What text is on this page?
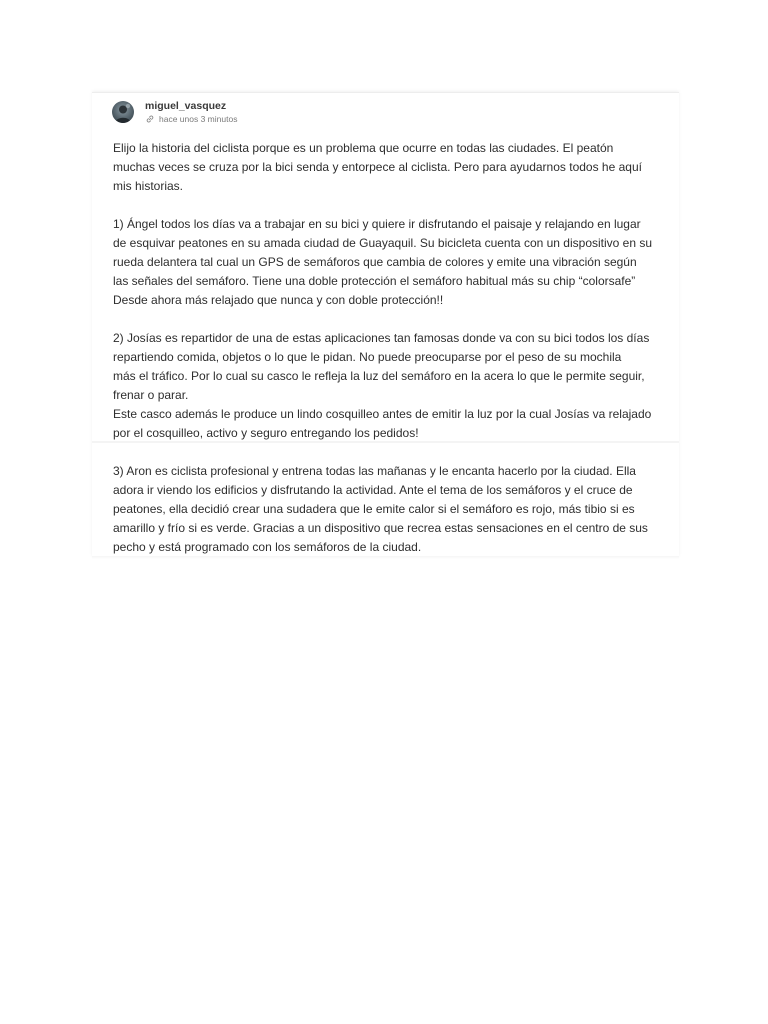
miguel_vasquez
hace unos 3 minutos

Elijo la historia del ciclista porque es un problema que ocurre en todas las ciudades. El peatón
muchas veces se cruza por la bici senda y entorpece al ciclista. Pero para ayudarnos todos he aquí
mis historias.

1) Ángel todos los días va a trabajar en su bici y quiere ir disfrutando el paisaje y relajando en lugar
de esquivar peatones en su amada ciudad de Guayaquil. Su bicicleta cuenta con un dispositivo en su
rueda delantera tal cual un GPS de semáforos que cambia de colores y emite una vibración según
las señales del semáforo. Tiene una doble protección el semáforo habitual más su chip “colorsafe”
Desde ahora más relajado que nunca y con doble protección!!

2) Josías es repartidor de una de estas aplicaciones tan famosas donde va con su bici todos los días
repartiendo comida, objetos o lo que le pidan. No puede preocuparse por el peso de su mochila
más el tráfico. Por lo cual su casco le refleja la luz del semáforo en la acera lo que le permite seguir,
frenar o parar.
Este casco además le produce un lindo cosquilleo antes de emitir la luz por la cual Josías va relajado
por el cosquilleo, activo y seguro entregando los pedidos!

3) Aron es ciclista profesional y entrena todas las mañanas y le encanta hacerlo por la ciudad. Ella
adora ir viendo los edificios y disfrutando la actividad. Ante el tema de los semáforos y el cruce de
peatones, ella decidió crear una sudadera que le emite calor si el semáforo es rojo, más tibio si es
amarillo y frío si es verde. Gracias a un dispositivo que recrea estas sensaciones en el centro de sus
pecho y está programado con los semáforos de la ciudad.
